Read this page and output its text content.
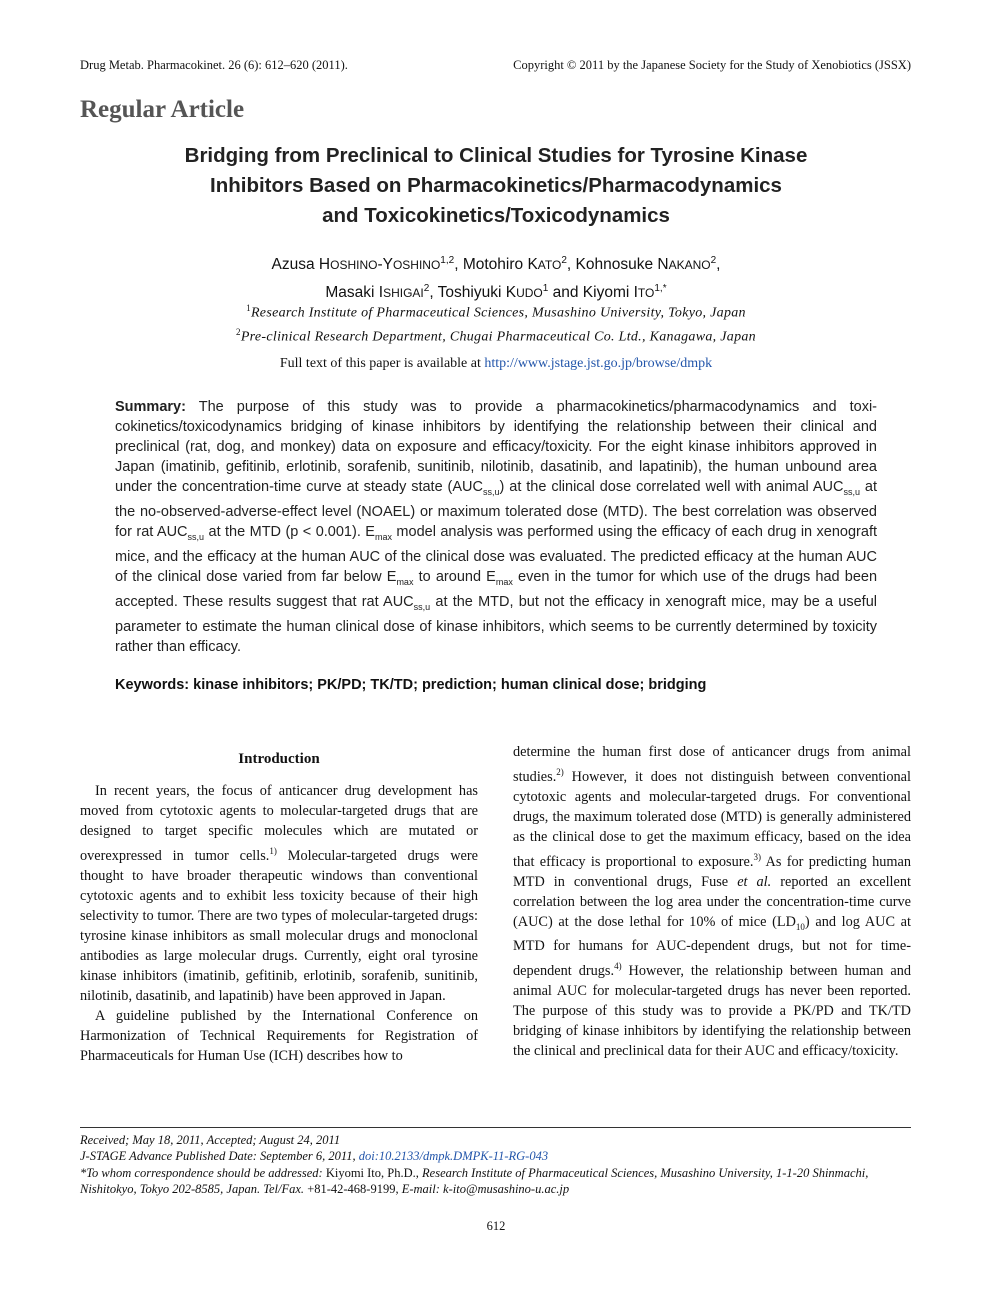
Drug Metab. Pharmacokinet. 26 (6): 612–620 (2011).	Copyright © 2011 by the Japanese Society for the Study of Xenobiotics (JSSX)
Regular Article
Bridging from Preclinical to Clinical Studies for Tyrosine Kinase
Inhibitors Based on Pharmacokinetics/Pharmacodynamics
and Toxicokinetics/Toxicodynamics
Azusa HOSHINO-YOSHINO$^{1,2}$, Motohiro KATO$^2$, Kohnosuke NAKANO$^2$,
Masaki ISHIGAI$^2$, Toshiyuki KUDO$^1$ and Kiyomi $ITO^{1,*}$
$^1$Research Institute of Pharmaceutical Sciences, Musashino University, Tokyo, Japan
$^2$Pre-clinical Research Department, Chugai Pharmaceutical Co. Ltd., Kanagawa, Japan
Full text of this paper is available at http://www.jstage.jst.go.jp/browse/dmpk
Summary: The purpose of this study was to provide a pharmacokinetics/pharmacodynamics and toxi-cokinetics/toxicodynamics bridging of kinase inhibitors by identifying the relationship between their clinical and preclinical (rat, dog, and monkey) data on exposure and efficacy/toxicity. For the eight kinase inhibitors approved in Japan (imatinib, gefitinib, erlotinib, sorafenib, sunitinib, nilotinib, dasatinib, and lapatinib), the human unbound area under the concentration-time curve at steady state $(AUC_{ss,u})$ at the clinical dose correlated well with animal $AUC_{ss,u}$ at the no-observed-adverse-effect level (NOAEL) or maximum tolerated dose (MTD). The best correlation was observed for rat $AUC_{ss,u}$ at the MTD (p < 0.001). $E_{max}$ model analysis was performed using the efficacy of each drug in xenograft mice, and the efficacy at the human AUC of the clinical dose was evaluated. The predicted efficacy at the human AUC of the clinical dose varied from far below $E_{max}$ to around $E_{max}$ even in the tumor for which use of the drugs had been accepted. These results suggest that rat $AUC_{ss,u}$ at the MTD, but not the efficacy in xenograft mice, may be a useful parameter to estimate the human clinical dose of kinase inhibitors, which seems to be currently determined by toxicity rather than efficacy.
Keywords: kinase inhibitors; PK/PD; TK/TD; prediction; human clinical dose; bridging
Introduction

In recent years, the focus of anticancer drug development has moved from cytotoxic agents to molecular-targeted drugs that are designed to target specific molecules which are mutated or overexpressed in tumor cells.$^{1)}$ Molecular-targeted drugs were thought to have broader therapeutic windows than conventional cytotoxic agents and to exhibit less toxicity because of their high selectivity to tumor. There are two types of molecular-targeted drugs: tyrosine kinase inhibitors as small molecular drugs and monoclonal antibodies as large molecular drugs. Currently, eight oral tyrosine kinase inhibitors (imatinib, gefitinib, erlotinib, sorafenib, sunitinib, nilotinib, dasatinib, and lapatinib) have been approved in Japan.

A guideline published by the International Conference on Harmonization of Technical Requirements for Registration of Pharmaceuticals for Human Use (ICH) describes how to

determine the human first dose of anticancer drugs from animal studies.$^{2)}$ However, it does not distinguish between conventional cytotoxic agents and molecular-targeted drugs. For conventional drugs, the maximum tolerated dose (MTD) is generally administered as the clinical dose to get the maximum efficacy, based on the idea that efficacy is proportional to exposure.$^{3)}$ As for predicting human MTD in conventional drugs, Fuse et al. reported an excellent correlation between the log area under the concentration-time curve (AUC) at the dose lethal for 10% of mice $(LD_{10})$ and log AUC at MTD for humans for AUC-dependent drugs, but not for time-dependent drugs.$^{4)}$ However, the relationship between human and animal AUC for molecular-targeted drugs has never been reported. The purpose of this study was to provide a PK/PD and TK/TD bridging of kinase inhibitors by identifying the relationship between the clinical and preclinical data for their AUC and efficacy/toxicity.

Received; May 18, 2011, Accepted; August 24, 2011
J-STAGE Advance Published Date: September 6, 2011, doi:10.2133/dmpk.DMPK-11-RG-043
*To whom correspondence should be addressed: Kiyomi Ito, Ph.D., Research Institute of Pharmaceutical Sciences, Musashino University, 1-1-20 Shinmachi, Nishitokyo, Tokyo 202-8585, Japan. Tel/Fax. +81-42-468-9199, E-mail: k-ito@musashino-u.ac.jp
612
